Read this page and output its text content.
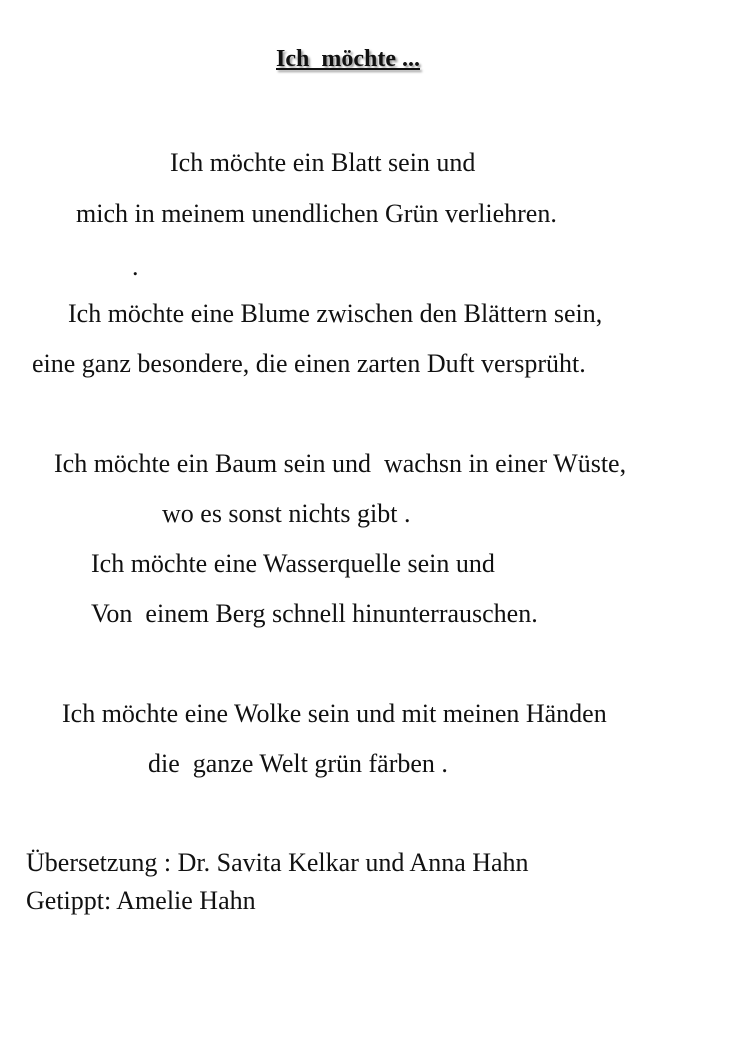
Ich  möchte ...
Ich möchte ein Blatt sein und
mich in meinem unendlichen Grün verliehren.
.
Ich möchte eine Blume zwischen den Blättern sein,
eine ganz besondere, die einen zarten Duft versprüht.
Ich möchte ein Baum sein und  wachsn in einer Wüste,
wo es sonst nichts gibt .
Ich möchte eine Wasserquelle sein und
Von  einem Berg schnell hinunterrauschen.
Ich möchte eine Wolke sein und mit meinen Händen
die  ganze Welt grün färben .
Übersetzung : Dr. Savita Kelkar und Anna Hahn
Getippt: Amelie Hahn
